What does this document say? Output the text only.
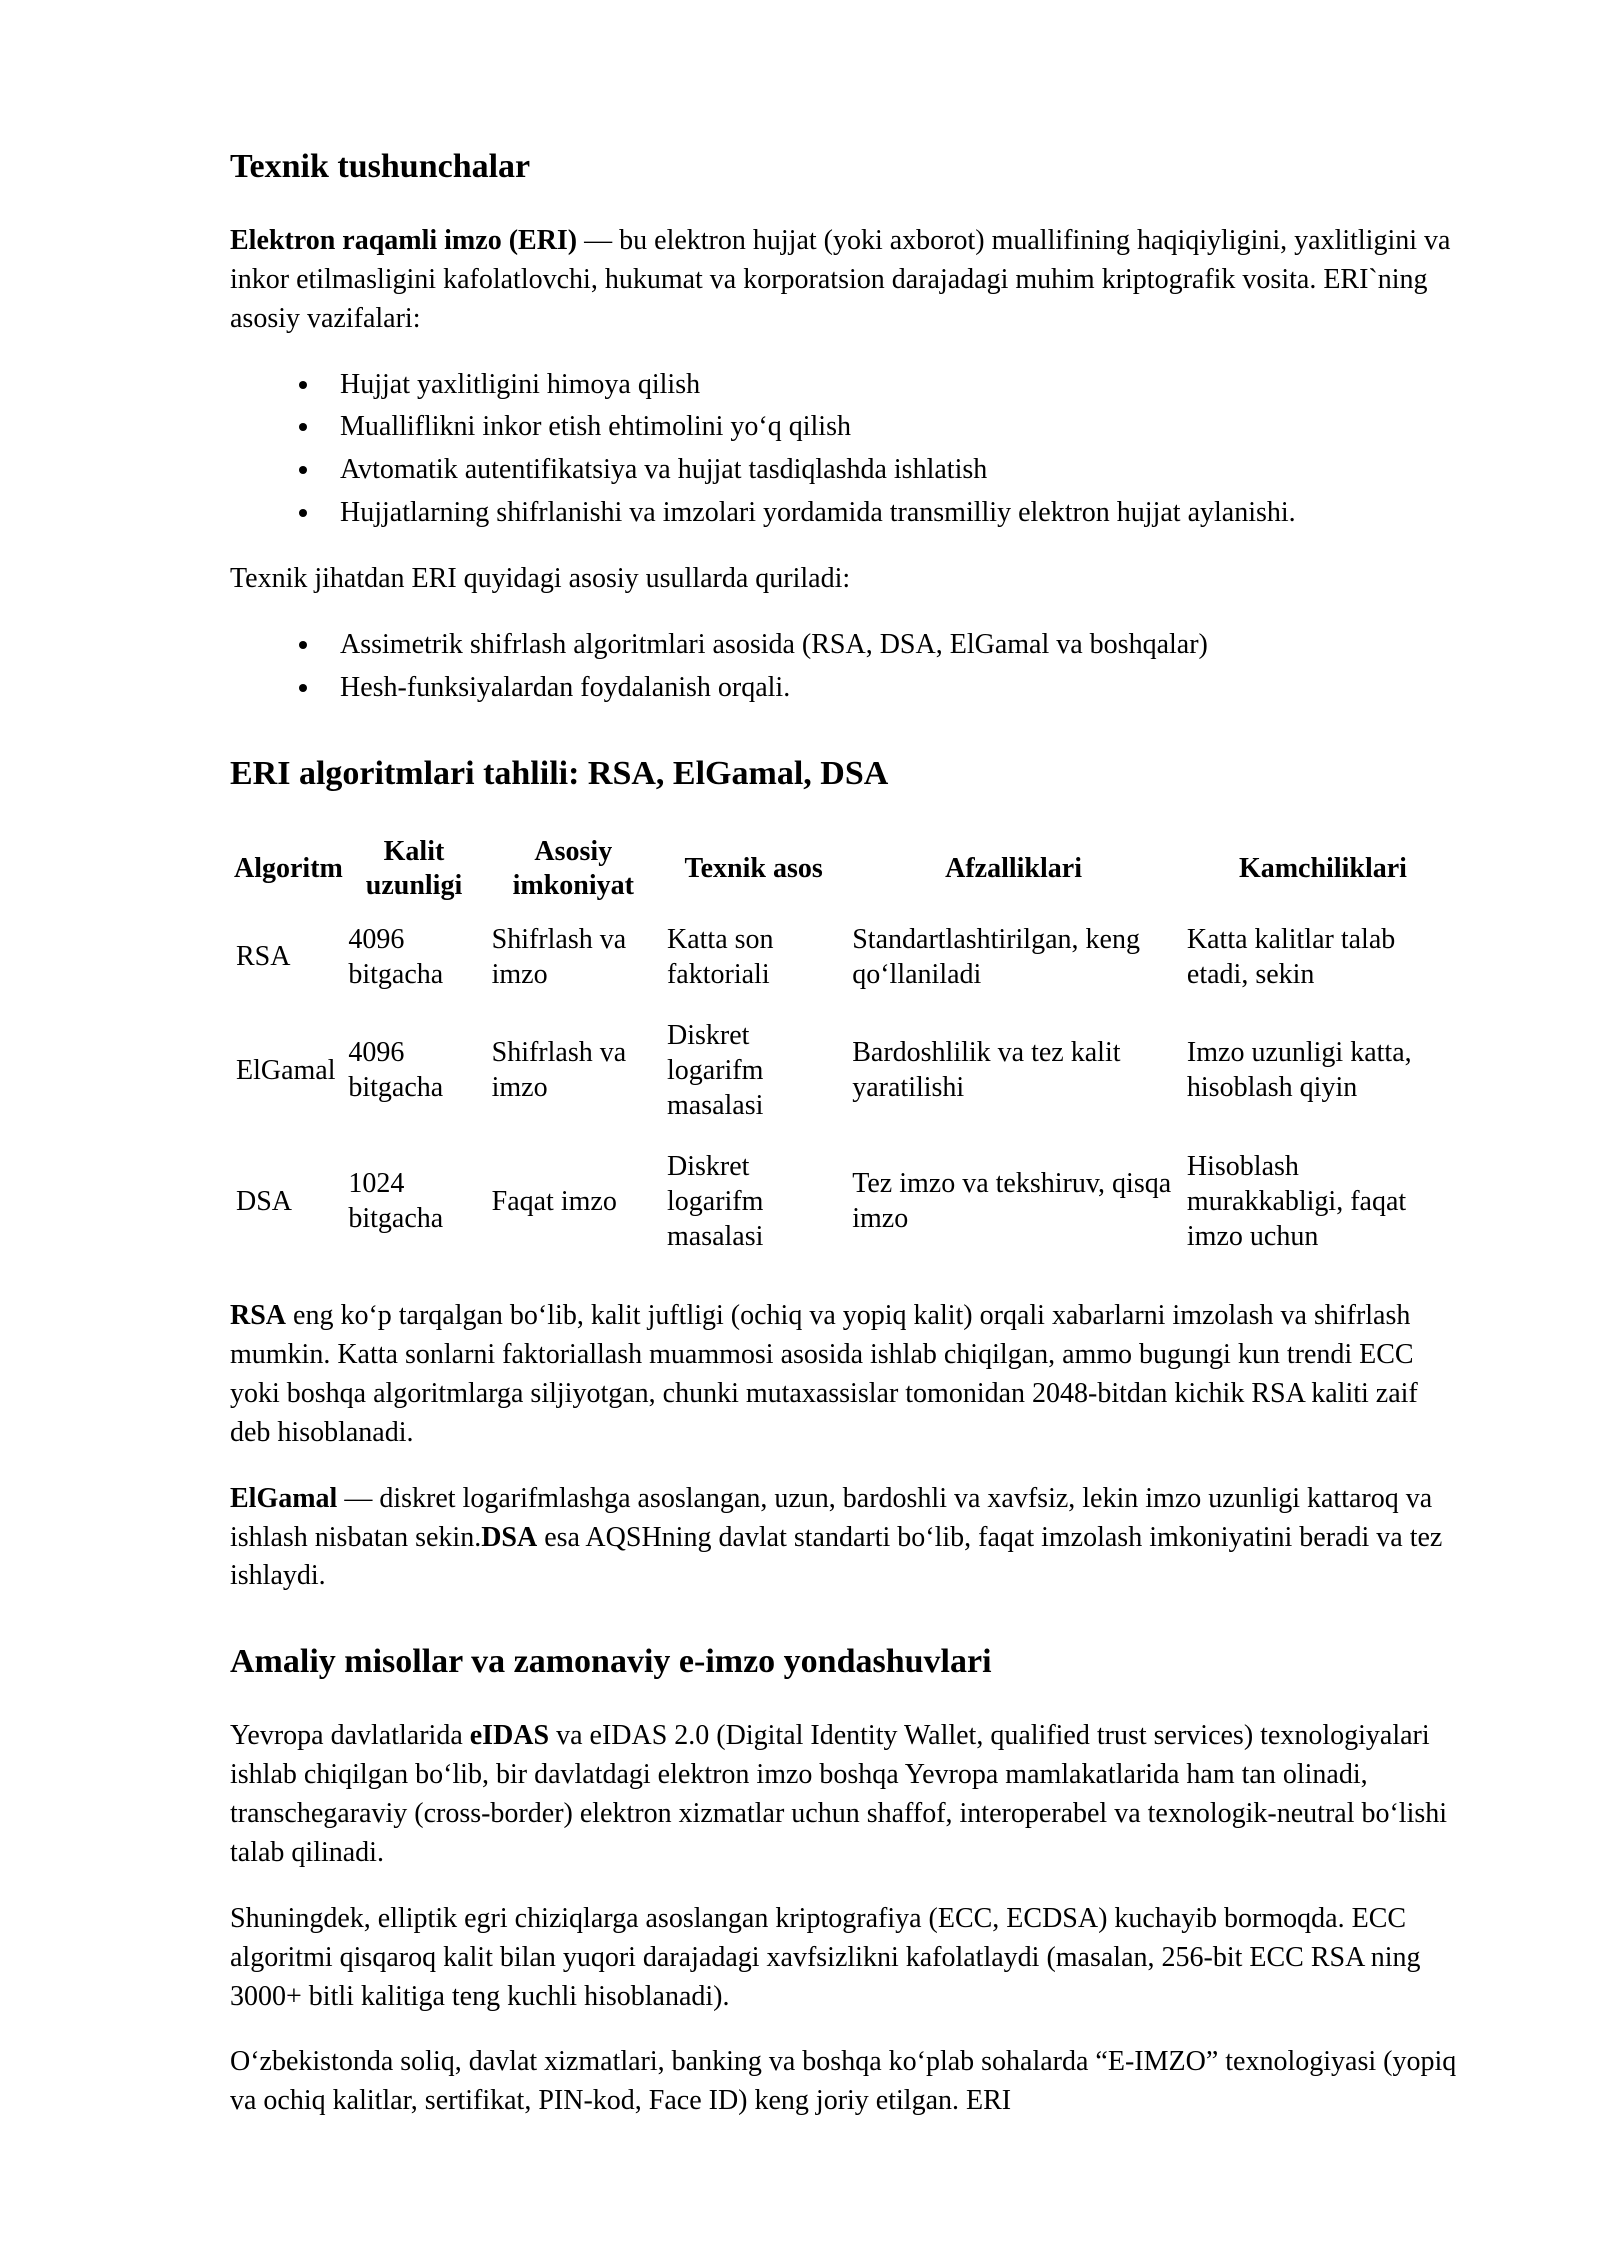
Texnik tushunchalar

Elektron raqamli imzo (ERI) — bu elektron hujjat (yoki axborot) muallifining haqiqiyligini, yaxlitligini va inkor etilmasligini kafolatlovchi, hukumat va korporatsion darajadagi muhim kriptografik vosita. ERI`ning asosiy vazifalari:

• Hujjat yaxlitligini himoya qilish
• Mualliflikni inkor etish ehtimolini yo‘q qilish
• Avtomatik autentifikatsiya va hujjat tasdiqlashda ishlatish
• Hujjatlarning shifrlanishi va imzolari yordamida transmilliy elektron hujjat aylanishi.

Texnik jihatdan ERI quyidagi asosiy usullarda quriladi:

• Assimetrik shifrlash algoritmlari asosida (RSA, DSA, ElGamal va boshqalar)
• Hesh-funksiyalardan foydalanish orqali.
ERI algoritmlari tahlili: RSA, ElGamal, DSA
Algoritm	Kalit uzunligi	Asosiy imkoniyat	Texnik asos	Afzalliklari	Kamchiliklari
RSA	4096 bitgacha	Shifrlash va imzo	Katta son faktoriali	Standartlashtirilgan, keng qo‘llaniladi	Katta kalitlar talab etadi, sekin
ElGamal	4096 bitgacha	Shifrlash va imzo	Diskret logarifm masalasi	Bardoshlilik va tez kalit yaratilishi	Imzo uzunligi katta, hisoblash qiyin
DSA	1024 bitgacha	Faqat imzo	Diskret logarifm masalasi	Tez imzo va tekshiruv, qisqa imzo	Hisoblash murakkabligi, faqat imzo uchun

RSA eng ko‘p tarqalgan bo‘lib, kalit juftligi (ochiq va yopiq kalit) orqali xabarlarni imzolash va shifrlash mumkin. Katta sonlarni faktoriallash muammosi asosida ishlab chiqilgan, ammo bugungi kun trendi ECC yoki boshqa algoritmlarga siljiyotgan, chunki mutaxassislar tomonidan 2048-bitdan kichik RSA kaliti zaif deb hisoblanadi.

ElGamal — diskret logarifmlashga asoslangan, uzun, bardoshli va xavfsiz, lekin imzo uzunligi kattaroq va ishlash nisbatan sekin.DSA esa AQSHning davlat standarti bo‘lib, faqat imzolash imkoniyatini beradi va tez ishlaydi.

Amaliy misollar va zamonaviy e-imzo yondashuvlari

Yevropa davlatlarida eIDAS va eIDAS 2.0 (Digital Identity Wallet, qualified trust services) texnologiyalari ishlab chiqilgan bo‘lib, bir davlatdagi elektron imzo boshqa Yevropa mamlakatlarida ham tan olinadi, transchegaraviy (cross-border) elektron xizmatlar uchun shaffof, interoperabel va texnologik-neutral bo‘lishi talab qilinadi.

Shuningdek, elliptik egri chiziqlarga asoslangan kriptografiya (ECC, ECDSA) kuchayib bormoqda. ECC algoritmi qisqaroq kalit bilan yuqori darajadagi xavfsizlikni kafolatlaydi (masalan, 256-bit ECC RSA ning 3000+ bitli kalitiga teng kuchli hisoblanadi).

O‘zbekistonda soliq, davlat xizmatlari, banking va boshqa ko‘plab sohalarda “E-IMZO” texnologiyasi (yopiq va ochiq kalitlar, sertifikat, PIN-kod, Face ID) keng joriy etilgan. ERI
